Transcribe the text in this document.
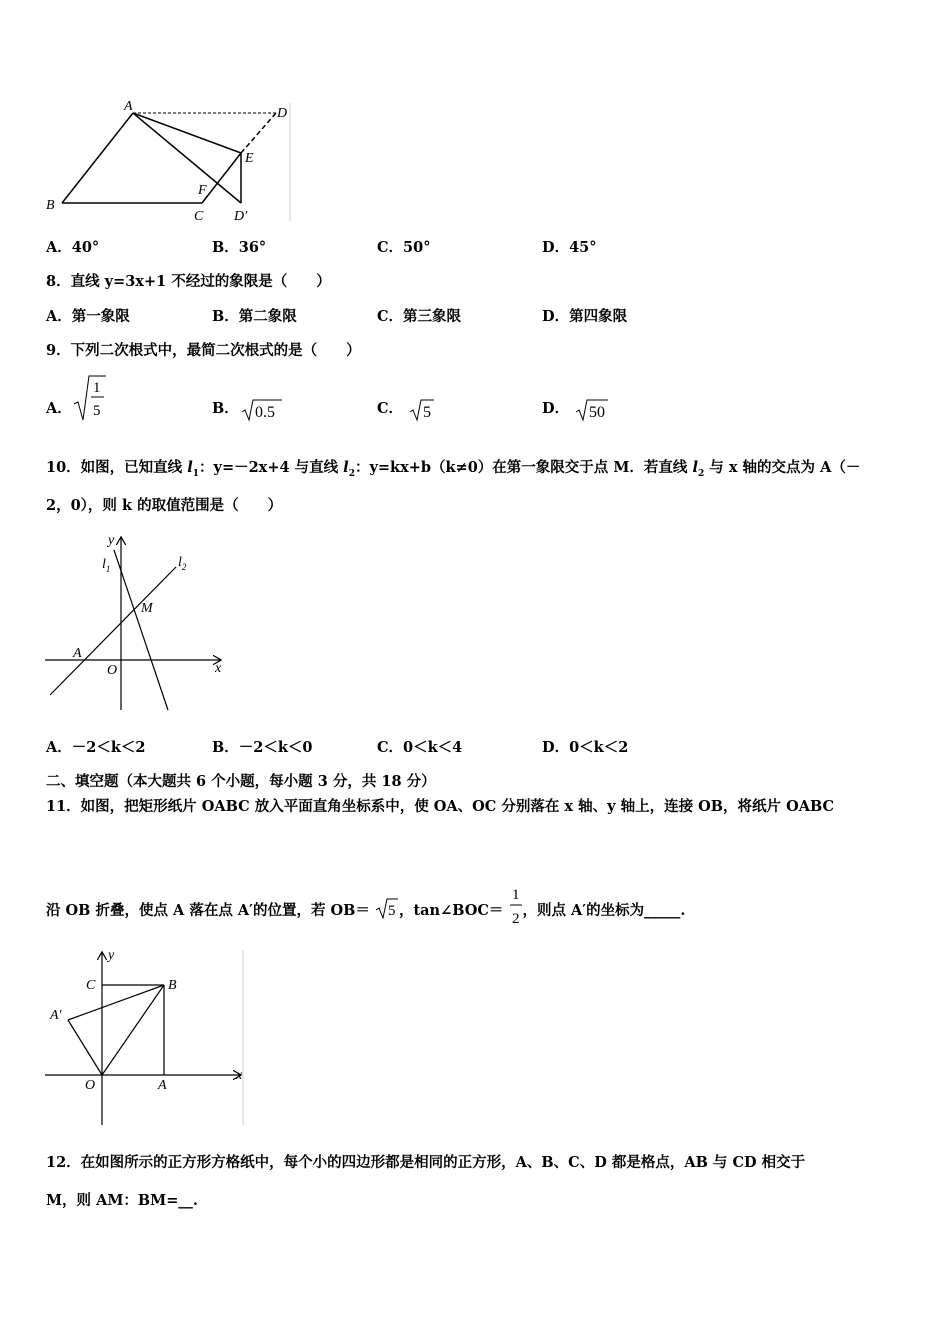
A	D
E
F
B
C D′
A．40°	B．36°	C．50°	D．45°
8．直线 y=3x+1 不经过的象限是（　　）
A．第一象限	B．第二象限	C．第三象限	D．第四象限
9．下列二次根式中，最简二次根式的是（　　）
A．
1
5	B． 0.5	C． 5	D． 50
10．如图，已知直线 $l_1$：y=－2x+4 与直线 $l_2$：y=kx+b（k≠0）在第一象限交于点 M．若直线 $l_2$ 与 x 轴的交点为 A（－
2，0），则 k 的取值范围是（　　）
y
x
$l_1$	$l_2$
M
A
O
A．－2＜k＜2	B．－2＜k＜0	C．0＜k＜4	D．0＜k＜2
二、填空题（本大题共 6 个小题，每小题 3 分，共 18 分）
11．如图，把矩形纸片 OABC 放入平面直角坐标系中，使 OA、OC 分别落在 x 轴、y 轴上，连接 OB，将纸片 OABC
沿 OB 折叠，使点 A 落在点 A′的位置，若 OB＝ 5 ，tan∠BOC＝
1
2 ，则点 A′的坐标为_____.
y
x
C	B
A′
O	A
12．在如图所示的正方形方格纸中，每个小的四边形都是相同的正方形，A、B、C、D 都是格点，AB 与 CD 相交于
M，则 AM：BM=__.
